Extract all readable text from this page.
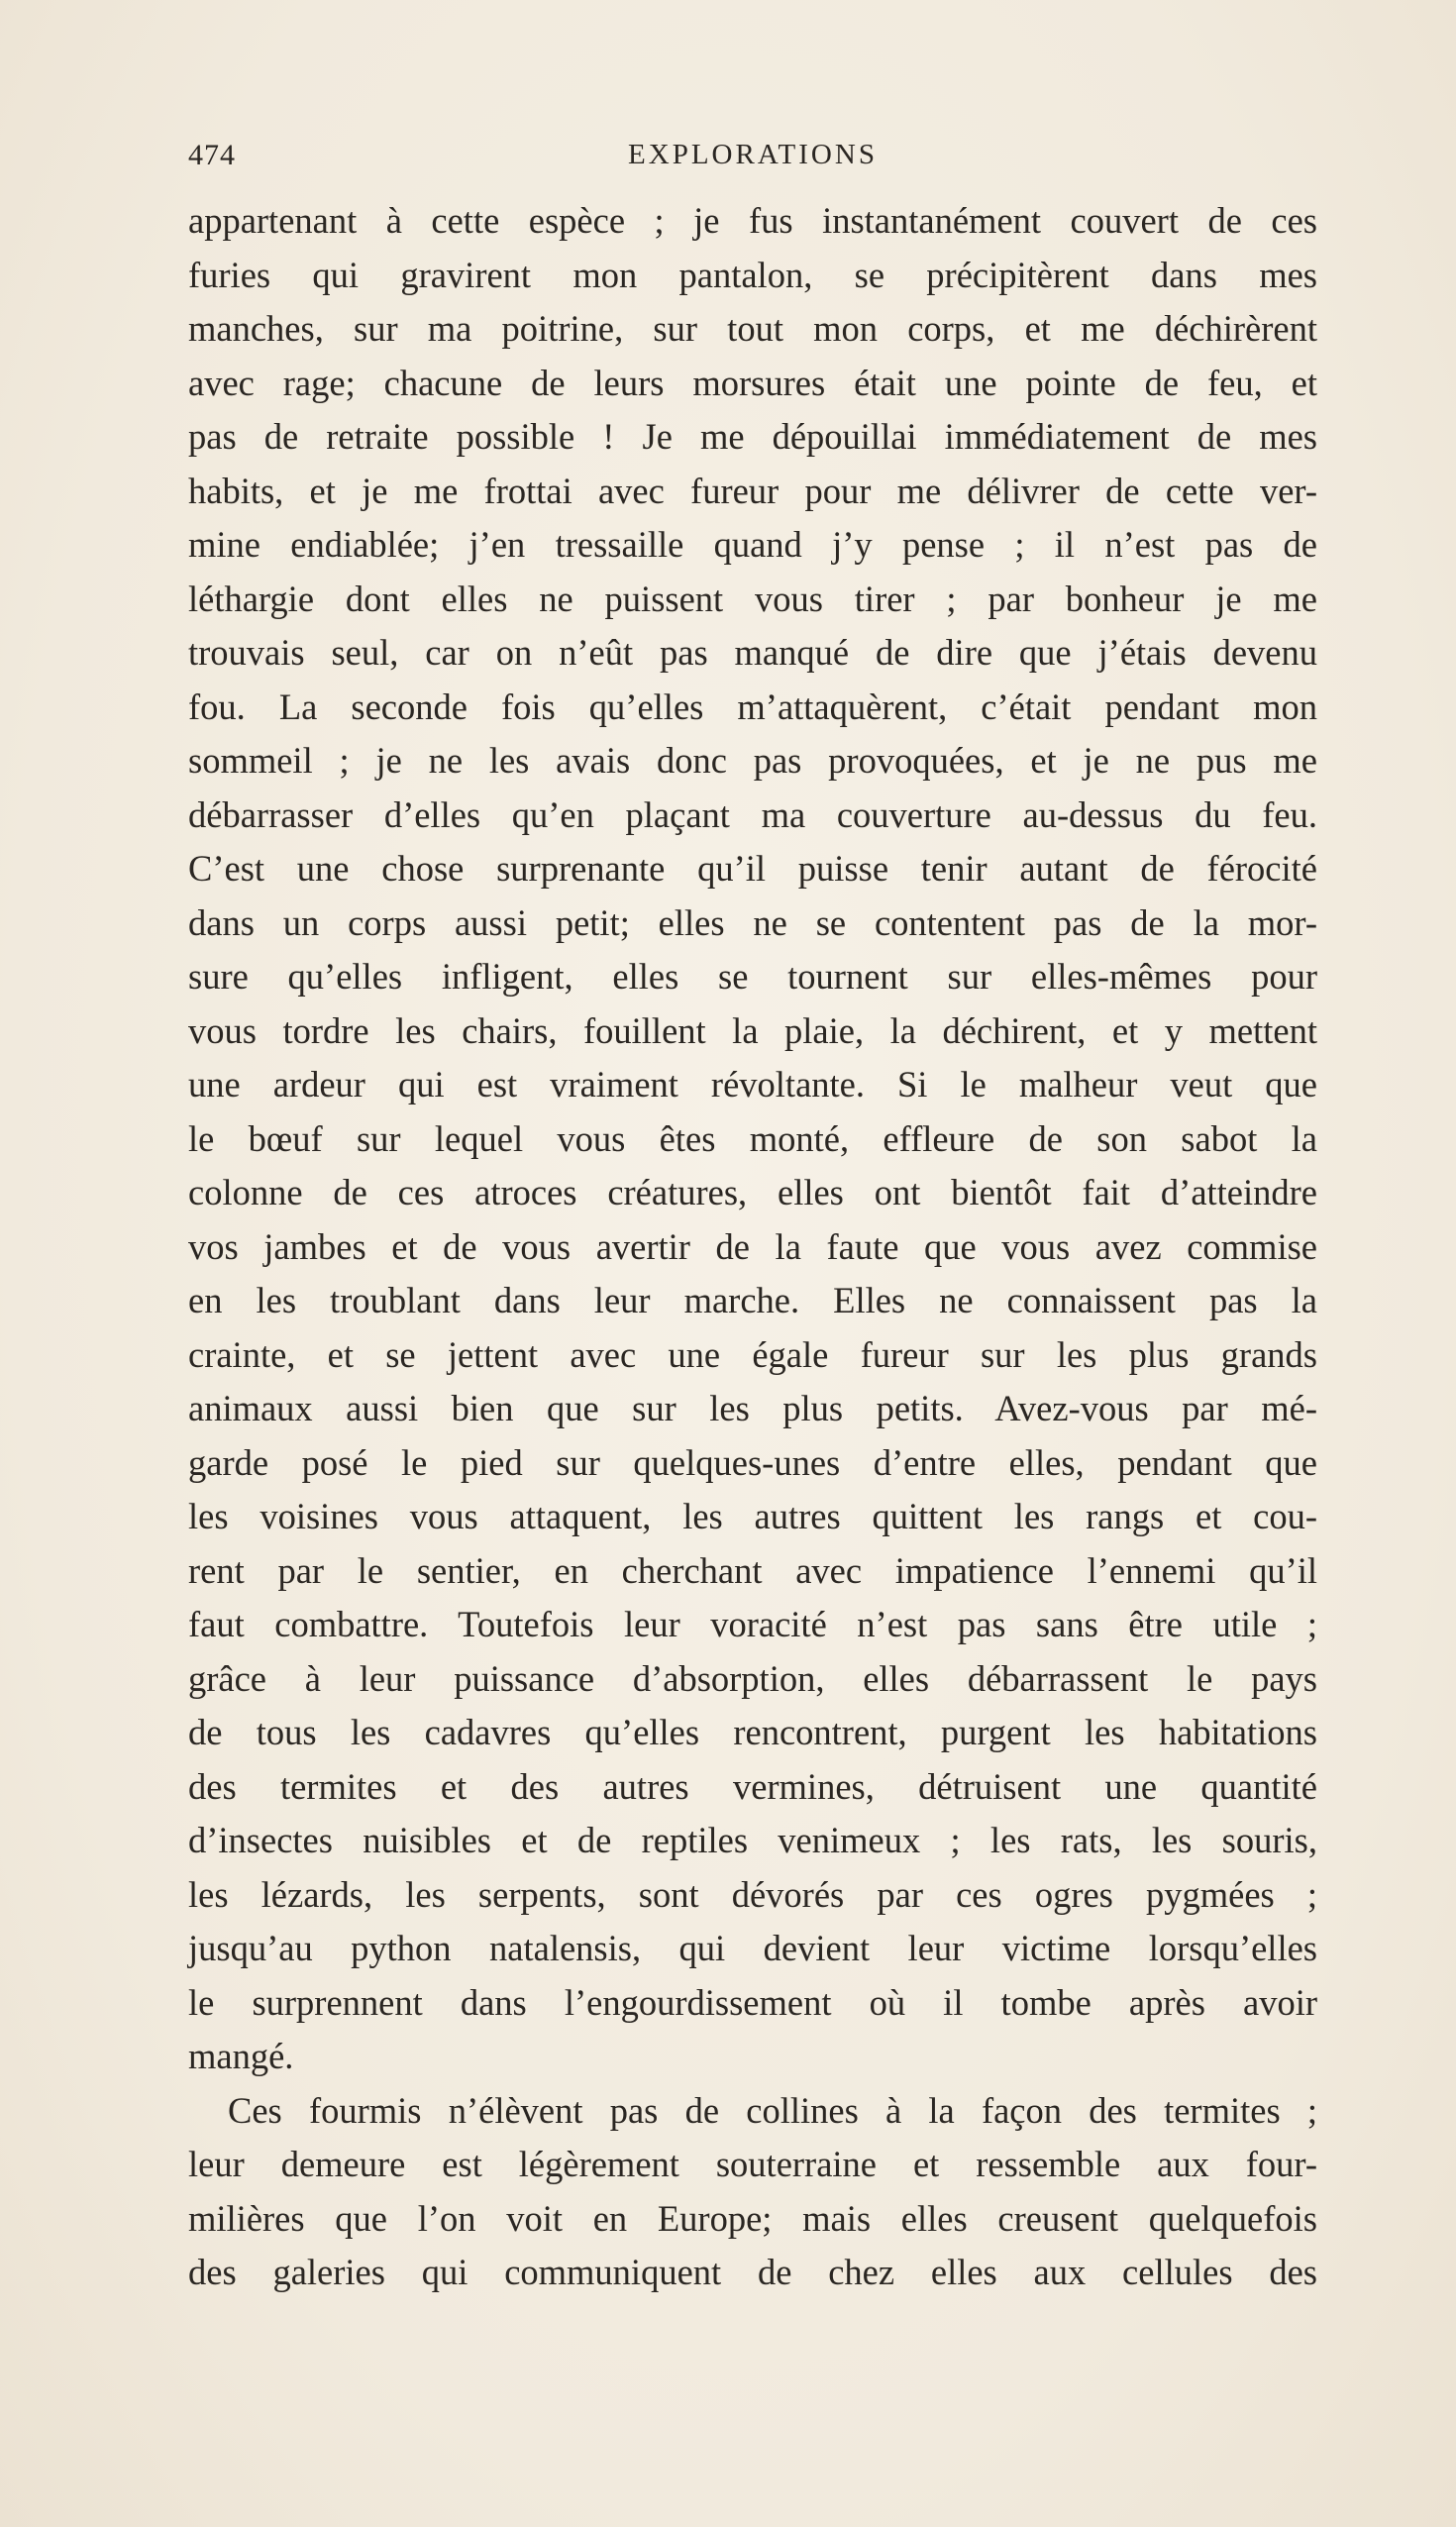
474	EXPLORATIONS
appartenant à cette espèce ; je fus instantanément couvert de ces
furies qui gravirent mon pantalon, se précipitèrent dans mes
manches, sur ma poitrine, sur tout mon corps, et me déchirèrent
avec rage; chacune de leurs morsures était une pointe de feu, et
pas de retraite possible ! Je me dépouillai immédiatement de mes
habits, et je me frottai avec fureur pour me délivrer de cette ver-
mine endiablée; j’en tressaille quand j’y pense ; il n’est pas de
léthargie dont elles ne puissent vous tirer ; par bonheur je me
trouvais seul, car on n’eût pas manqué de dire que j’étais devenu
fou. La seconde fois qu’elles m’attaquèrent, c’était pendant mon
sommeil ; je ne les avais donc pas provoquées, et je ne pus me
débarrasser d’elles qu’en plaçant ma couverture au-dessus du feu.
C’est une chose surprenante qu’il puisse tenir autant de férocité
dans un corps aussi petit; elles ne se contentent pas de la mor-
sure qu’elles infligent, elles se tournent sur elles-mêmes pour
vous tordre les chairs, fouillent la plaie, la déchirent, et y mettent
une ardeur qui est vraiment révoltante. Si le malheur veut que
le bœuf sur lequel vous êtes monté, effleure de son sabot la
colonne de ces atroces créatures, elles ont bientôt fait d’atteindre
vos jambes et de vous avertir de la faute que vous avez commise
en les troublant dans leur marche. Elles ne connaissent pas la
crainte, et se jettent avec une égale fureur sur les plus grands
animaux aussi bien que sur les plus petits. Avez-vous par mé-
garde posé le pied sur quelques-unes d’entre elles, pendant que
les voisines vous attaquent, les autres quittent les rangs et cou-
rent par le sentier, en cherchant avec impatience l’ennemi qu’il
faut combattre. Toutefois leur voracité n’est pas sans être utile ;
grâce à leur puissance d’absorption, elles débarrassent le pays
de tous les cadavres qu’elles rencontrent, purgent les habitations
des termites et des autres vermines, détruisent une quantité
d’insectes nuisibles et de reptiles venimeux ; les rats, les souris,
les lézards, les serpents, sont dévorés par ces ogres pygmées ;
jusqu’au python natalensis, qui devient leur victime lorsqu’elles
le surprennent dans l’engourdissement où il tombe après avoir
mangé.
Ces fourmis n’élèvent pas de collines à la façon des termites ;
leur demeure est légèrement souterraine et ressemble aux four-
milières que l’on voit en Europe; mais elles creusent quelquefois
des galeries qui communiquent de chez elles aux cellules des
